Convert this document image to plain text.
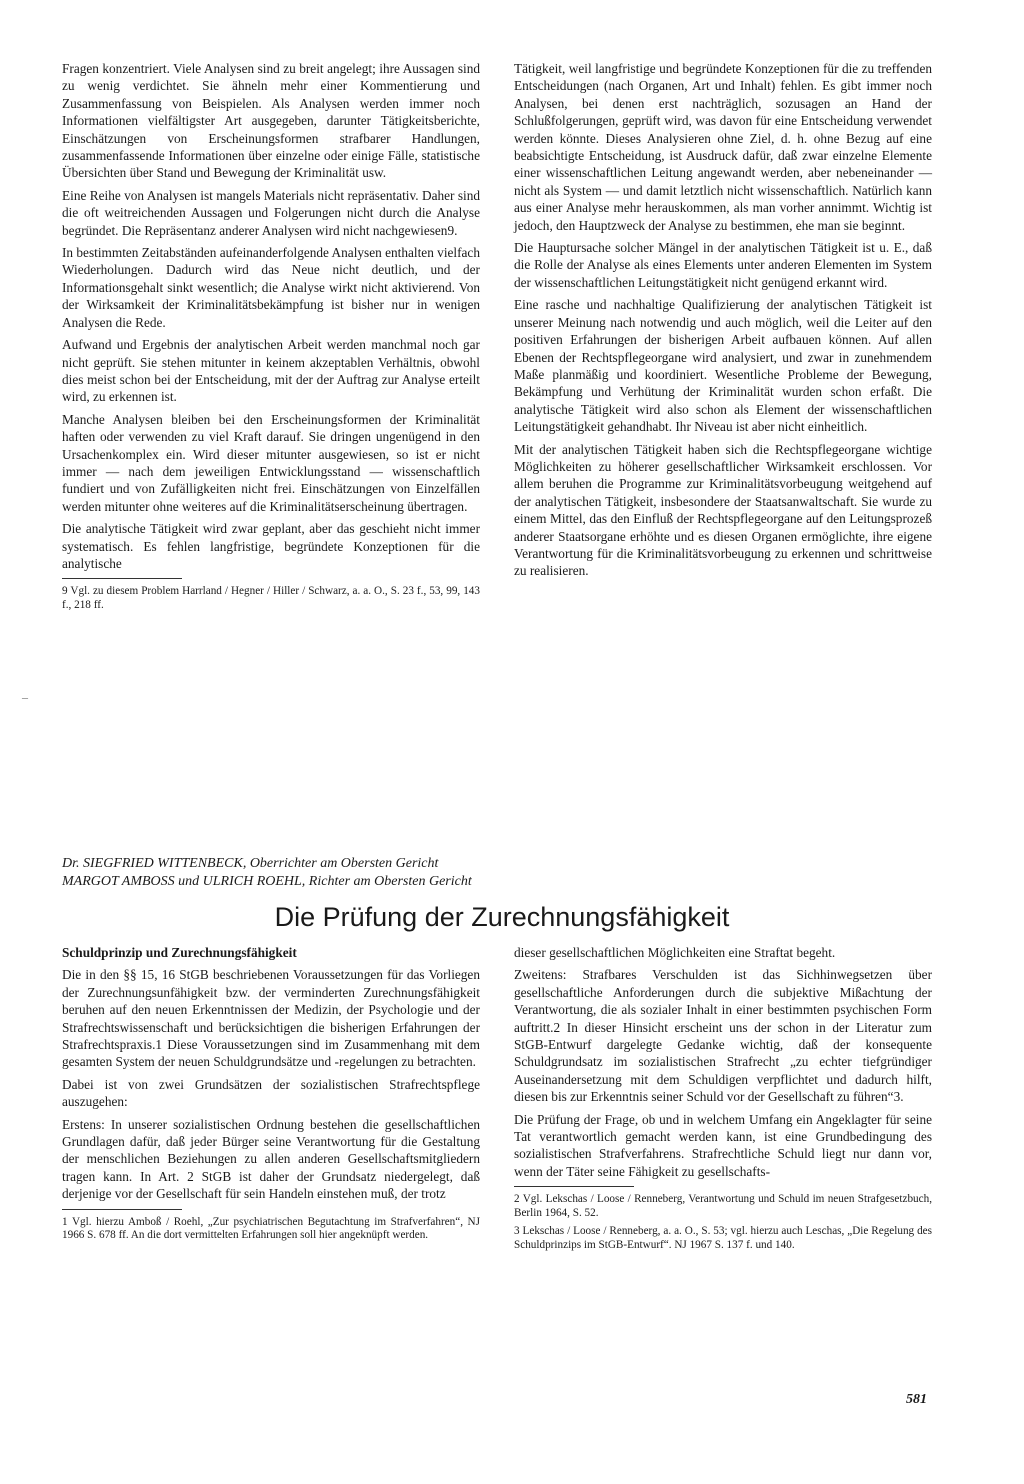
Fragen konzentriert. Viele Analysen sind zu breit angelegt; ihre Aussagen sind zu wenig verdichtet. Sie ähneln mehr einer Kommentierung und Zusammenfassung von Beispielen. Als Analysen werden immer noch Informationen vielfältigster Art ausgegeben, darunter Tätigkeitsberichte, Einschätzungen von Erscheinungsformen strafbarer Handlungen, zusammenfassende Informationen über einzelne oder einige Fälle, statistische Übersichten über Stand und Bewegung der Kriminalität usw.

Eine Reihe von Analysen ist mangels Materials nicht repräsentativ. Daher sind die oft weitreichenden Aussagen und Folgerungen nicht durch die Analyse begründet. Die Repräsentanz anderer Analysen wird nicht nachgewiesen9.

In bestimmten Zeitabständen aufeinanderfolgende Analysen enthalten vielfach Wiederholungen. Dadurch wird das Neue nicht deutlich, und der Informationsgehalt sinkt wesentlich; die Analyse wirkt nicht aktivierend. Von der Wirksamkeit der Kriminalitätsbekämpfung ist bisher nur in wenigen Analysen die Rede.

Aufwand und Ergebnis der analytischen Arbeit werden manchmal noch gar nicht geprüft. Sie stehen mitunter in keinem akzeptablen Verhältnis, obwohl dies meist schon bei der Entscheidung, mit der der Auftrag zur Analyse erteilt wird, zu erkennen ist.

Manche Analysen bleiben bei den Erscheinungsformen der Kriminalität haften oder verwenden zu viel Kraft darauf. Sie dringen ungenügend in den Ursachenkomplex ein. Wird dieser mitunter ausgewiesen, so ist er nicht immer — nach dem jeweiligen Entwicklungsstand — wissenschaftlich fundiert und von Zufälligkeiten nicht frei. Einschätzungen von Einzelfällen werden mitunter ohne weiteres auf die Kriminalitätserscheinung übertragen.

Die analytische Tätigkeit wird zwar geplant, aber das geschieht nicht immer systematisch. Es fehlen langfristige, begründete Konzeptionen für die analytische

9 Vgl. zu diesem Problem Harrland / Hegner / Hiller / Schwarz, a. a. O., S. 23 f., 53, 99, 143 f., 218 ff.

Tätigkeit, weil langfristige und begründete Konzeptionen für die zu treffenden Entscheidungen (nach Organen, Art und Inhalt) fehlen. Es gibt immer noch Analysen, bei denen erst nachträglich, sozusagen an Hand der Schlußfolgerungen, geprüft wird, was davon für eine Entscheidung verwendet werden könnte. Dieses Analysieren ohne Ziel, d. h. ohne Bezug auf eine beabsichtigte Entscheidung, ist Ausdruck dafür, daß zwar einzelne Elemente einer wissenschaftlichen Leitung angewandt werden, aber nebeneinander — nicht als System — und damit letztlich nicht wissenschaftlich. Natürlich kann aus einer Analyse mehr herauskommen, als man vorher annimmt. Wichtig ist jedoch, den Hauptzweck der Analyse zu bestimmen, ehe man sie beginnt.

Die Hauptursache solcher Mängel in der analytischen Tätigkeit ist u. E., daß die Rolle der Analyse als eines Elements unter anderen Elementen im System der wissenschaftlichen Leitungstätigkeit nicht genügend erkannt wird.

Eine rasche und nachhaltige Qualifizierung der analytischen Tätigkeit ist unserer Meinung nach notwendig und auch möglich, weil die Leiter auf den positiven Erfahrungen der bisherigen Arbeit aufbauen können. Auf allen Ebenen der Rechtspflegeorgane wird analysiert, und zwar in zunehmendem Maße planmäßig und koordiniert. Wesentliche Probleme der Bewegung, Bekämpfung und Verhütung der Kriminalität wurden schon erfaßt. Die analytische Tätigkeit wird also schon als Element der wissenschaftlichen Leitungstätigkeit gehandhabt. Ihr Niveau ist aber nicht einheitlich.

Mit der analytischen Tätigkeit haben sich die Rechtspflegeorgane wichtige Möglichkeiten zu höherer gesellschaftlicher Wirksamkeit erschlossen. Vor allem beruhen die Programme zur Kriminalitätsvorbeugung weitgehend auf der analytischen Tätigkeit, insbesondere der Staatsanwaltschaft. Sie wurde zu einem Mittel, das den Einfluß der Rechtspflegeorgane auf den Leitungsprozeß anderer Staatsorgane erhöhte und es diesen Organen ermöglichte, ihre eigene Verantwortung für die Kriminalitätsvorbeugung zu erkennen und schrittweise zu realisieren.

–
Dr. SIEGFRIED WITTENBECK, Oberrichter am Obersten Gericht
MARGOT AMBOSS und ULRICH ROEHL, Richter am Obersten Gericht
Die Prüfung der Zurechnungsfähigkeit

Schuldprinzip und Zurechnungsfähigkeit

Die in den §§ 15, 16 StGB beschriebenen Voraussetzungen für das Vorliegen der Zurechnungsunfähigkeit bzw. der verminderten Zurechnungsfähigkeit beruhen auf den neuen Erkenntnissen der Medizin, der Psychologie und der Strafrechtswissenschaft und berücksichtigen die bisherigen Erfahrungen der Strafrechtspraxis.1 Diese Voraussetzungen sind im Zusammenhang mit dem gesamten System der neuen Schuldgrundsätze und -regelungen zu betrachten.

Dabei ist von zwei Grundsätzen der sozialistischen Strafrechtspflege auszugehen:

Erstens: In unserer sozialistischen Ordnung bestehen die gesellschaftlichen Grundlagen dafür, daß jeder Bürger seine Verantwortung für die Gestaltung der menschlichen Beziehungen zu allen anderen Gesellschaftsmitgliedern tragen kann. In Art. 2 StGB ist daher der Grundsatz niedergelegt, daß derjenige vor der Gesellschaft für sein Handeln einstehen muß, der trotz

1 Vgl. hierzu Amboß / Roehl, „Zur psychiatrischen Begutachtung im Strafverfahren“, NJ 1966 S. 678 ff. An die dort vermittelten Erfahrungen soll hier angeknüpft werden.

dieser gesellschaftlichen Möglichkeiten eine Straftat begeht.

Zweitens: Strafbares Verschulden ist das Sichhinwegsetzen über gesellschaftliche Anforderungen durch die subjektive Mißachtung der Verantwortung, die als sozialer Inhalt in einer bestimmten psychischen Form auftritt.2 In dieser Hinsicht erscheint uns der schon in der Literatur zum StGB-Entwurf dargelegte Gedanke wichtig, daß der konsequente Schuldgrundsatz im sozialistischen Strafrecht „zu echter tiefgründiger Auseinandersetzung mit dem Schuldigen verpflichtet und dadurch hilft, diesen bis zur Erkenntnis seiner Schuld vor der Gesellschaft zu führen“3.

Die Prüfung der Frage, ob und in welchem Umfang ein Angeklagter für seine Tat verantwortlich gemacht werden kann, ist eine Grundbedingung des sozialistischen Strafverfahrens. Strafrechtliche Schuld liegt nur dann vor, wenn der Täter seine Fähigkeit zu gesellschafts-

2 Vgl. Lekschas / Loose / Renneberg, Verantwortung und Schuld im neuen Strafgesetzbuch, Berlin 1964, S. 52.

3 Lekschas / Loose / Renneberg, a. a. O., S. 53; vgl. hierzu auch Leschas, „Die Regelung des Schuldprinzips im StGB-Entwurf“. NJ 1967 S. 137 f. und 140.

581
